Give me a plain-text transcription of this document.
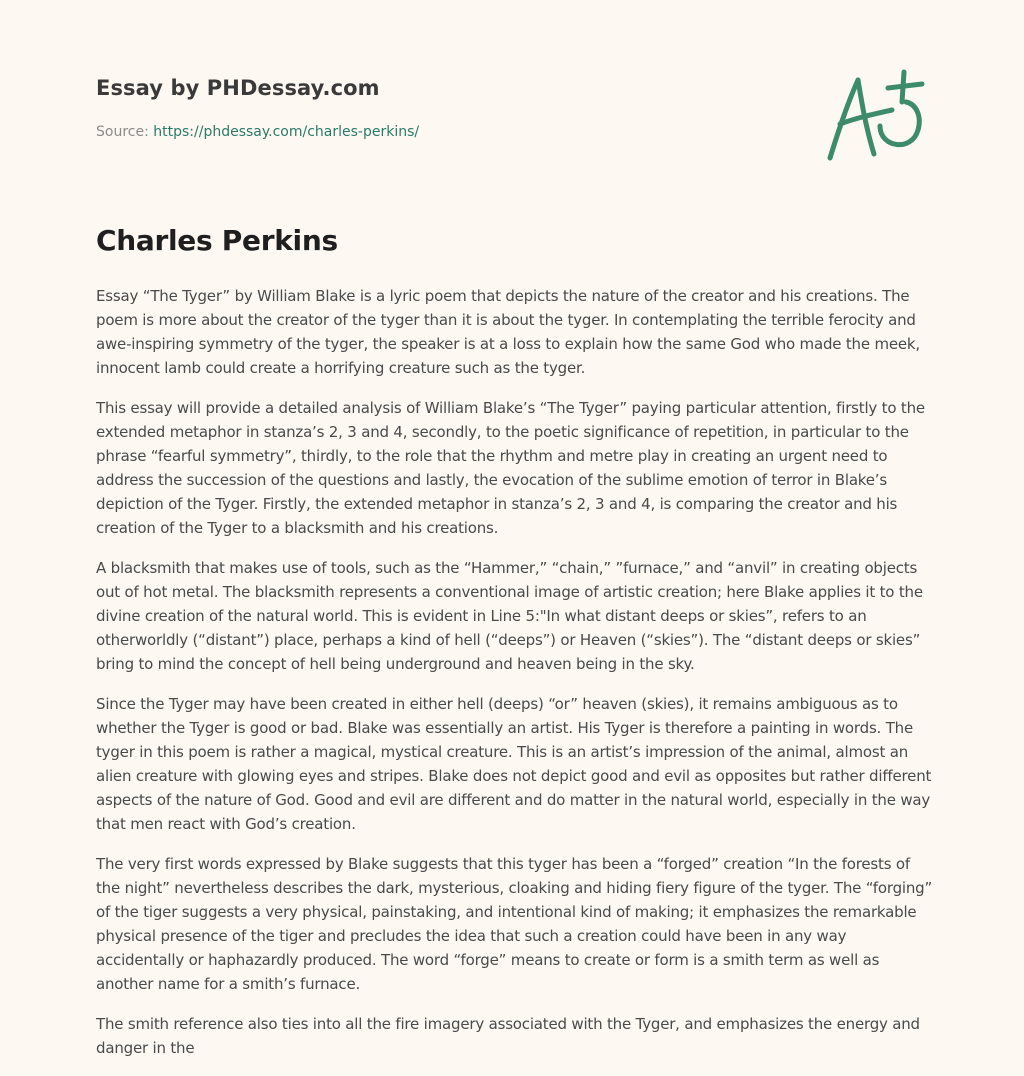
Essay by PHDessay.com
Source: https://phdessay.com/charles-perkins/
Charles Perkins

Essay “The Tyger” by William Blake is a lyric poem that depicts the nature of the creator and his creations. The poem is more about the creator of the tyger than it is about the tyger. In contemplating the terrible ferocity and awe-inspiring symmetry of the tyger, the speaker is at a loss to explain how the same God who made the meek, innocent lamb could create a horrifying creature such as the tyger.

This essay will provide a detailed analysis of William Blake’s “The Tyger” paying particular attention, firstly to the extended metaphor in stanza’s 2, 3 and 4, secondly, to the poetic significance of repetition, in particular to the phrase “fearful symmetry”, thirdly, to the role that the rhythm and metre play in creating an urgent need to address the succession of the questions and lastly, the evocation of the sublime emotion of terror in Blake’s depiction of the Tyger. Firstly, the extended metaphor in stanza’s 2, 3 and 4, is comparing the creator and his creation of the Tyger to a blacksmith and his creations.

A blacksmith that makes use of tools, such as the “Hammer,” “chain,” ”furnace,” and “anvil” in creating objects out of hot metal. The blacksmith represents a conventional image of artistic creation; here Blake applies it to the divine creation of the natural world. This is evident in Line 5:"In what distant deeps or skies”, refers to an otherworldly (“distant”) place, perhaps a kind of hell (“deeps”) or Heaven (“skies”). The “distant deeps or skies” bring to mind the concept of hell being underground and heaven being in the sky.

Since the Tyger may have been created in either hell (deeps) “or” heaven (skies), it remains ambiguous as to whether the Tyger is good or bad. Blake was essentially an artist. His Tyger is therefore a painting in words. The tyger in this poem is rather a magical, mystical creature. This is an artist’s impression of the animal, almost an alien creature with glowing eyes and stripes. Blake does not depict good and evil as opposites but rather different aspects of the nature of God. Good and evil are different and do matter in the natural world, especially in the way that men react with God’s creation.

The very first words expressed by Blake suggests that this tyger has been a “forged” creation “In the forests of the night” nevertheless describes the dark, mysterious, cloaking and hiding fiery figure of the tyger. The “forging” of the tiger suggests a very physical, painstaking, and intentional kind of making; it emphasizes the remarkable physical presence of the tiger and precludes the idea that such a creation could have been in any way accidentally or haphazardly produced. The word “forge” means to create or form is a smith term as well as another name for a smith’s furnace.

The smith reference also ties into all the fire imagery associated with the Tyger, and emphasizes the energy and danger in the
